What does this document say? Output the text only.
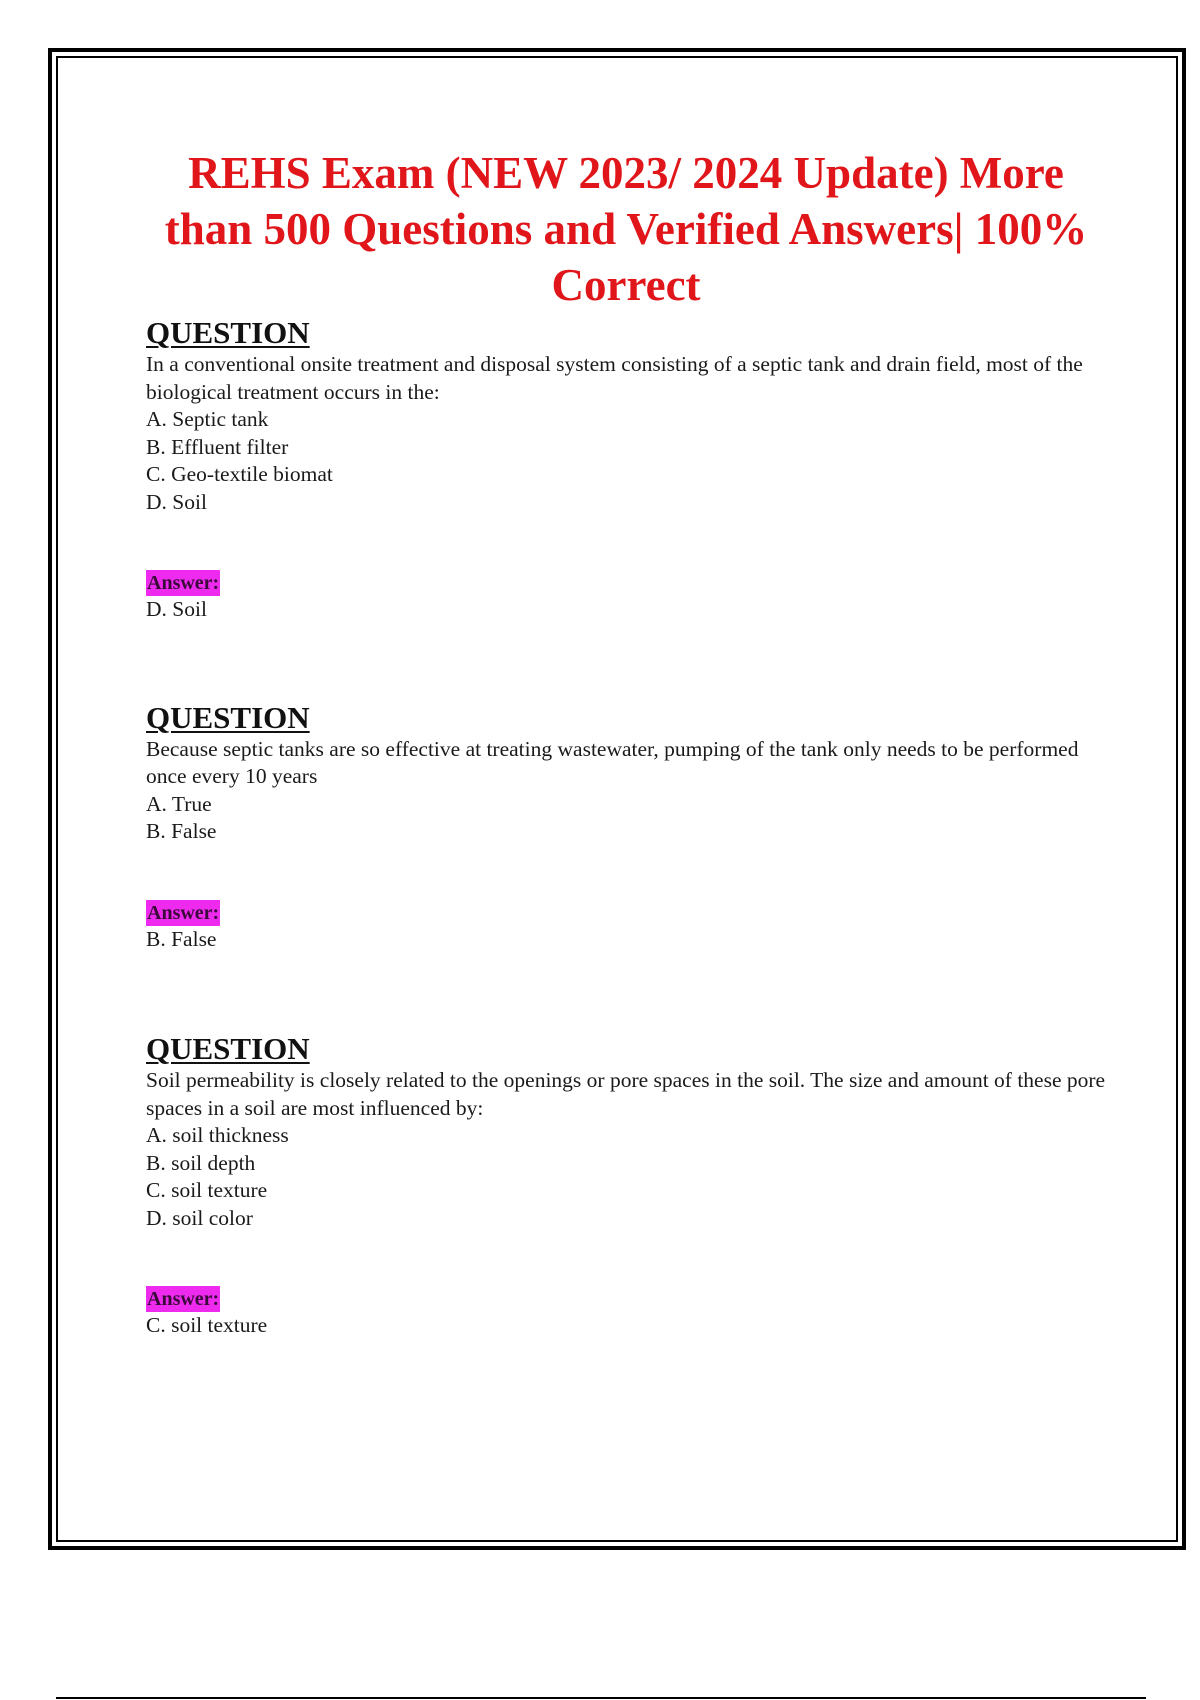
REHS Exam (NEW 2023/ 2024 Update) More than 500 Questions and Verified Answers| 100% Correct
QUESTION
In a conventional onsite treatment and disposal system consisting of a septic tank and drain field, most of the biological treatment occurs in the:
A. Septic tank
B. Effluent filter
C. Geo-textile biomat
D. Soil
Answer:
D. Soil
QUESTION
Because septic tanks are so effective at treating wastewater, pumping of the tank only needs to be performed once every 10 years
A. True
B. False
Answer:
B. False
QUESTION
Soil permeability is closely related to the openings or pore spaces in the soil. The size and amount of these pore spaces in a soil are most influenced by:
A. soil thickness
B. soil depth
C. soil texture
D. soil color
Answer:
C. soil texture
